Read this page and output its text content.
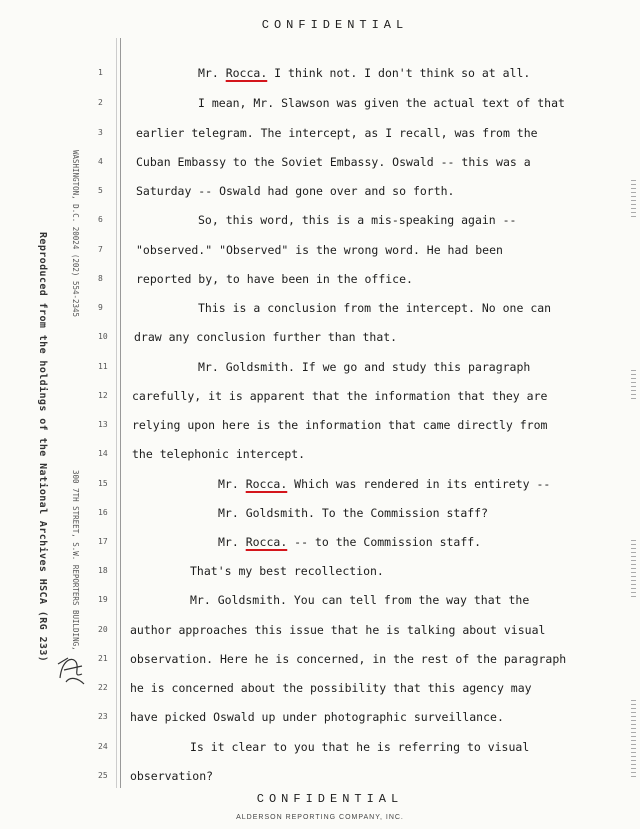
CONFIDENTIAL
Reproduced from the holdings of the National Archives HSCA (RG 233)	WASHINGTON, D.C. 20024 (202) 554-2345
300 7TH STREET, S.W. REPORTERS BUILDING,
1
2
3
4
5
6
7
8
9
10
11
12
13
14
15
16
17
18
19
20
21
22
23
24
25
Mr. Rocca. I think not. I don't think so at all.
I mean, Mr. Slawson was given the actual text of that
earlier telegram. The intercept, as I recall, was from the
Cuban Embassy to the Soviet Embassy. Oswald -- this was a
Saturday -- Oswald had gone over and so forth.
So, this word, this is a mis-speaking again --
"observed." "Observed" is the wrong word. He had been
reported by, to have been in the office.
This is a conclusion from the intercept. No one can
draw any conclusion further than that.
Mr. Goldsmith. If we go and study this paragraph
carefully, it is apparent that the information that they are
relying upon here is the information that came directly from
the telephonic intercept.
Mr. Rocca. Which was rendered in its entirety --
Mr. Goldsmith. To the Commission staff?
Mr. Rocca. -- to the Commission staff.
That's my best recollection.
Mr. Goldsmith. You can tell from the way that the
author approaches this issue that he is talking about visual
observation. Here he is concerned, in the rest of the paragraph
he is concerned about the possibility that this agency may
have picked Oswald up under photographic surveillance.
Is it clear to you that he is referring to visual
observation?
CONFIDENTIAL
ALDERSON REPORTING COMPANY, INC.
